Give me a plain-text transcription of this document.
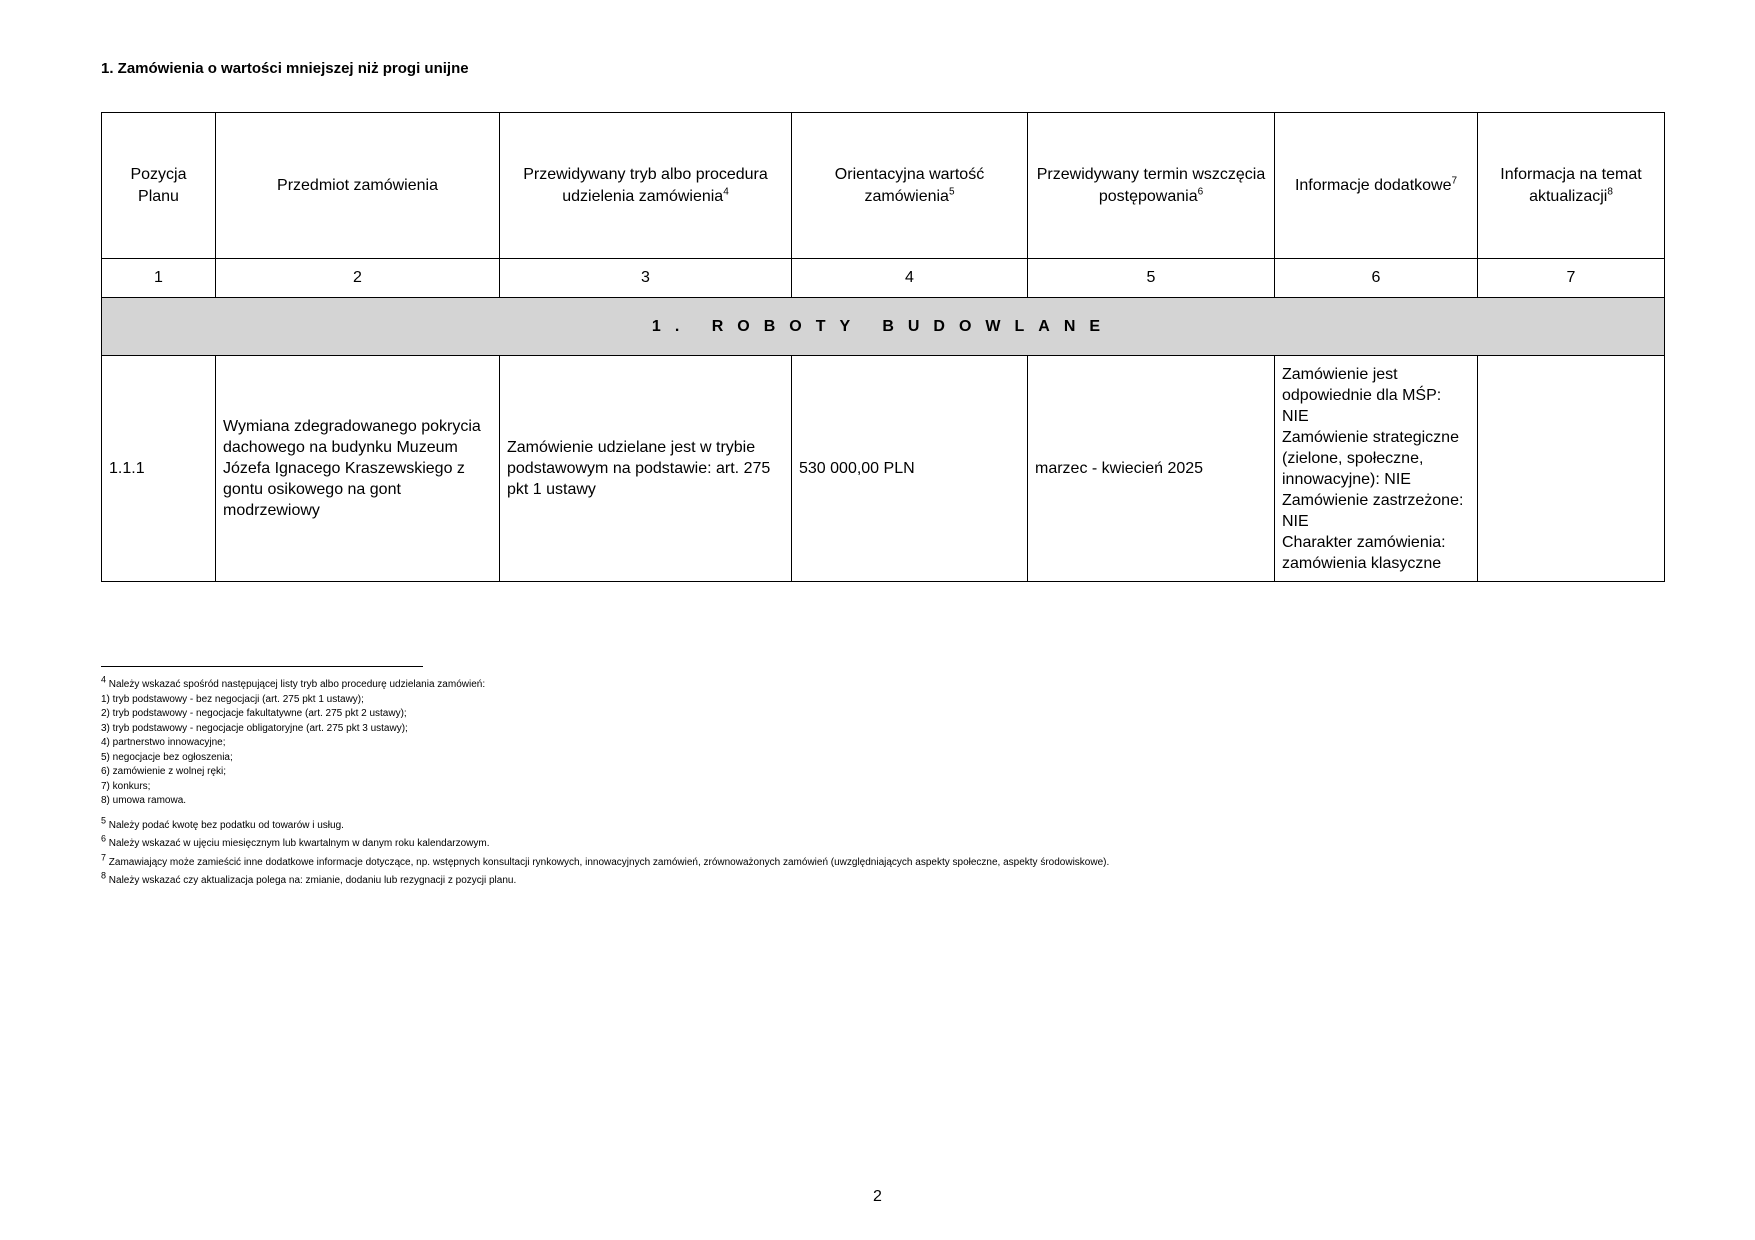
1. Zamówienia o wartości mniejszej niż progi unijne
Pozycja Planu	Przedmiot zamówienia	Przewidywany tryb albo procedura udzielenia zamówienia$^4$	Orientacyjna wartość zamówienia$^5$	Przewidywany termin wszczęcia postępowania$^6$	Informacje dodatkowe$^7$	Informacja na temat aktualizacji$^8$
1	2	3	4	5	6	7
1. ROBOTY BUDOWLANE						
1.1.1	Wymiana zdegradowanego pokrycia dachowego na budynku Muzeum Józefa Ignacego Kraszewskiego z gontu osikowego na gont modrzewiowy	Zamówienie udzielane jest w trybie podstawowym na podstawie: art. 275 pkt 1 ustawy	530 000,00 PLN	marzec - kwiecień 2025	Zamówienie jest odpowiednie dla MŚP: NIE
Zamówienie strategiczne (zielone, społeczne, innowacyjne): NIE
Zamówienie zastrzeżone: NIE
Charakter zamówienia: zamówienia klasyczne	

$^4$ Należy wskazać spośród następującej listy tryb albo procedurę udzielania zamówień:

1) tryb podstawowy - bez negocjacji (art. 275 pkt 1 ustawy);

2) tryb podstawowy - negocjacje fakultatywne (art. 275 pkt 2 ustawy);

3) tryb podstawowy - negocjacje obligatoryjne (art. 275 pkt 3 ustawy);

4) partnerstwo innowacyjne;

5) negocjacje bez ogłoszenia;

6) zamówienie z wolnej ręki;

7) konkurs;

8) umowa ramowa.

$^5$ Należy podać kwotę bez podatku od towarów i usług.

$^6$ Należy wskazać w ujęciu miesięcznym lub kwartalnym w danym roku kalendarzowym.

$^7$ Zamawiający może zamieścić inne dodatkowe informacje dotyczące, np. wstępnych konsultacji rynkowych, innowacyjnych zamówień, zrównoważonych zamówień (uwzględniających aspekty społeczne, aspekty środowiskowe).

$^8$ Należy wskazać czy aktualizacja polega na: zmianie, dodaniu lub rezygnacji z pozycji planu.

2
